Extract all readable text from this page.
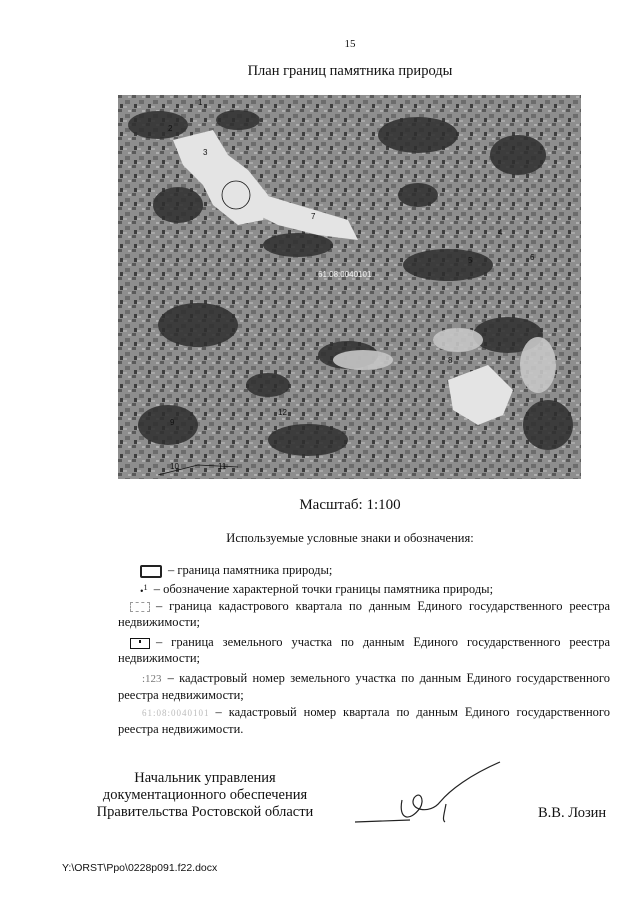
15
План границ памятника природы
1
2
3
4
5	6
7
8
9
10	11
12
61:08:0040101
Масштаб: 1:100
Используемые условные знаки и обозначения:
– граница памятника природы;
•$^1$ – обозначение характерной точки границы памятника природы;
– граница кадастрового квартала по данным Единого государственного реестра недвижимости;
– граница земельного участка по данным Единого государственного реестра недвижимости;
:123 – кадастровый номер земельного участка по данным Единого государственного реестра недвижимости;
61:08:0040101 – кадастровый номер квартала по данным Единого государственного реестра недвижимости.
Начальник управления
документационного обеспечения
Правительства Ростовской области	В.В. Лозин
Y:\ORST\Ppo\0228p091.f22.docx
